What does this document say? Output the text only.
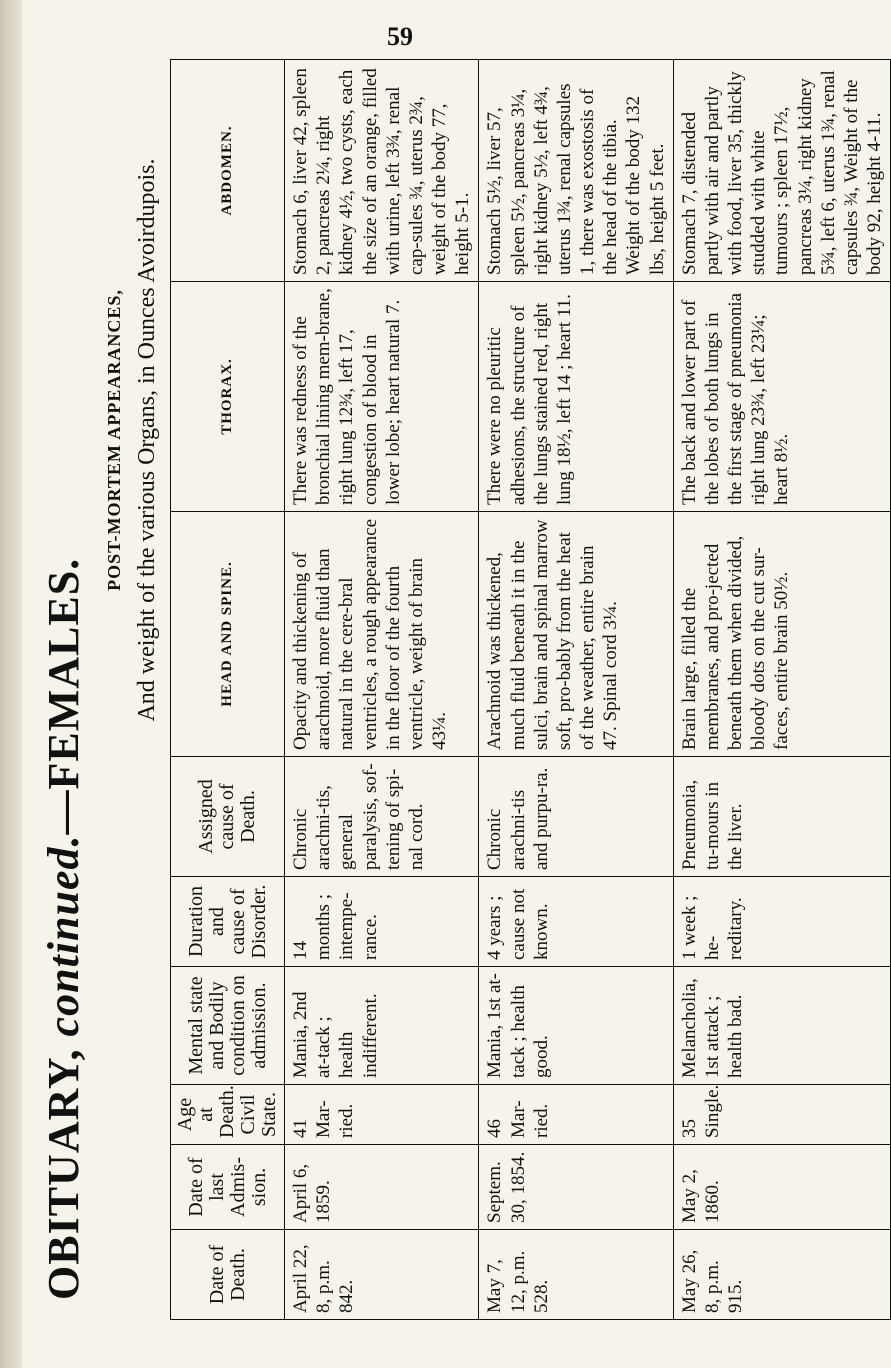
59
OBITUARY, continued.—FEMALES.
POST-MORTEM APPEARANCES, And weight of the various Organs, in Ounces Avoirdupois.
Date of Death.	Date of last Admis-sion.	Age at Death. Civil State.	Mental state and Bodily condition on admission.	Duration and cause of Disorder.	Assigned cause of Death.	HEAD AND SPINE.	THORAX.	ABDOMEN.
April 22, 8, p.m. 842.	April 6, 1859.	41 Mar-ried.	Mania, 2nd at-tack ; health indifferent.	14 months ; intempe-rance.	Chronic arachni-tis, general paralysis, sof-tening of spi-nal cord.	Opacity and thickening of arachnoid, more fluid than natural in the cere-bral ventricles, a rough appearance in the floor of the fourth ventricle, weight of brain 43¼.	There was redness of the bronchial lining mem-brane, right lung 12¾, left 17, congestion of blood in lower lobe; heart natural 7.	Stomach 6, liver 42, spleen 2, pancreas 2¼, right kidney 4½, two cysts, each the size of an orange, filled with urine, left 3¾, renal cap-sules ¾, uterus 2¾, weight of the body 77, height 5-1.
May 7, 12, p.m. 528.	Septem. 30, 1854.	46 Mar-ried.	Mania, 1st at-tack ; health good.	4 years ; cause not known.	Chronic arachni-tis and purpu-ra.	Arachnoid was thickened, much fluid beneath it in the sulci, brain and spinal marrow soft, pro-bably from the heat of the weather, entire brain 47. Spinal cord 3¼.	There were no pleuritic adhesions, the structure of the lungs stained red, right lung 18½, left 14 ; heart 11.	Stomach 5½, liver 57, spleen 5½, pancreas 3¼, right kidney 5½, left 4¾, uterus 1¾, renal capsules 1, there was exostosis of the head of the tibia. Weight of the body 132 lbs, height 5 feet.
May 26, 8, p.m. 915.	May 2, 1860.	35 Single.	Melancholia, 1st attack ; health bad.	1 week ; he-reditary.	Pneumonia, tu-mours in the liver.	Brain large, filled the membranes, and pro-jected beneath them when divided, bloody dots on the cut sur-faces, entire brain 50½.	The back and lower part of the lobes of both lungs in the first stage of pneumonia right lung 23¾, left 23¼; heart 8½.	Stomach 7, distended partly with air and partly with food, liver 35, thickly studded with white tumours ; spleen 17½, pancreas 3¼, right kidney 5¾, left 6, uterus 1¾, renal capsules ¾, Weight of the body 92, height 4-11.
